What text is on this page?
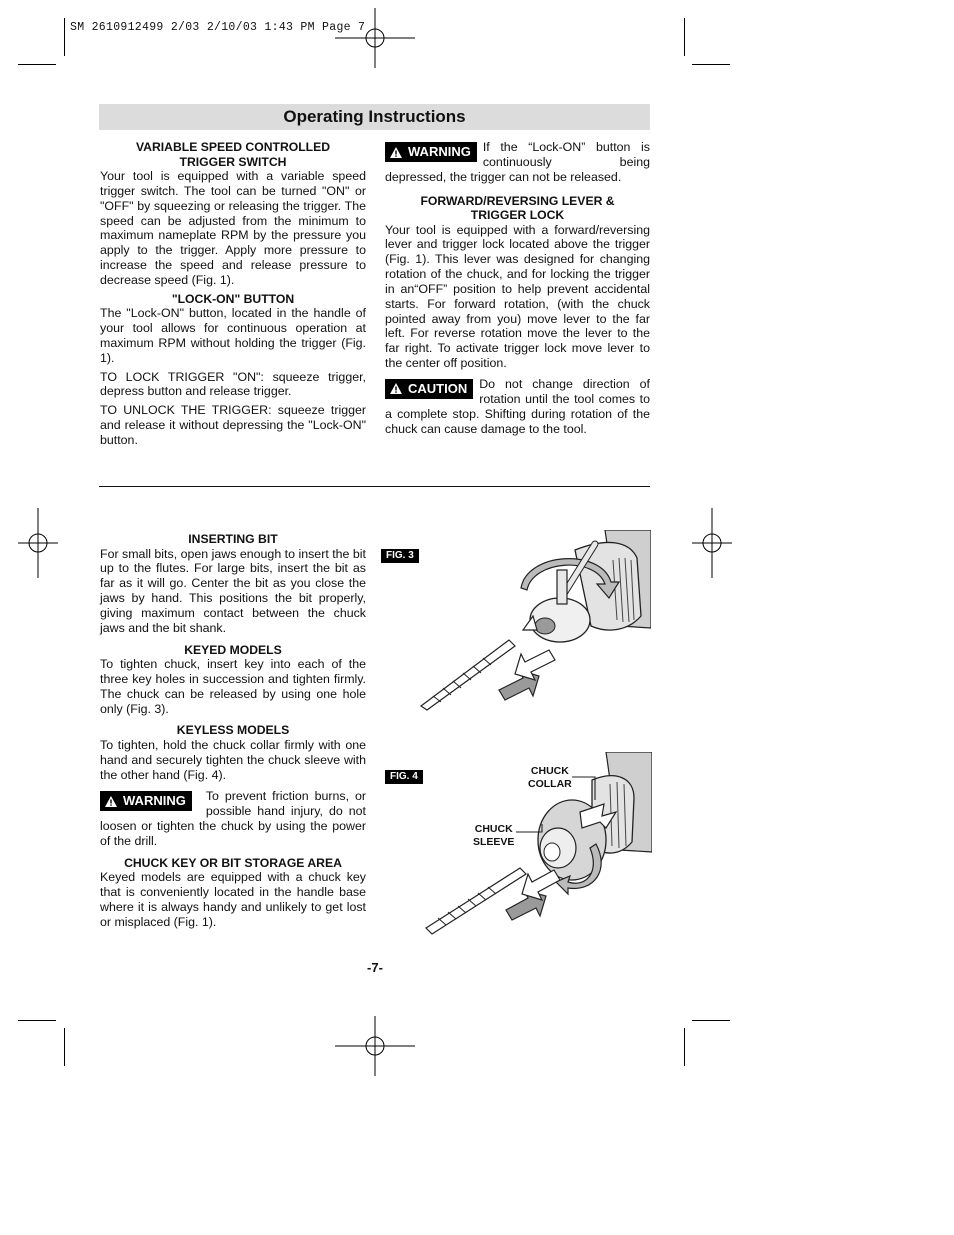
SM 2610912499 2/03 2/10/03 1:43 PM Page 7
Operating Instructions
VARIABLE SPEED CONTROLLED
TRIGGER SWITCH

Your tool is equipped with a variable speed trigger switch. The tool can be turned "ON" or "OFF" by squeezing or releasing the trigger. The speed can be adjusted from the minimum to maximum nameplate RPM by the pressure you apply to the trigger. Apply more pressure to increase the speed and release pressure to decrease speed (Fig. 1).

"LOCK-ON" BUTTON

The "Lock-ON" button, located in the handle of your tool allows for continuous operation at maximum RPM without holding the trigger (Fig. 1).

TO LOCK TRIGGER "ON": squeeze trigger, depress button and release trigger.

TO UNLOCK THE TRIGGER: squeeze trigger and release it without depressing the "Lock-ON" button.

WARNING If the “Lock-ON” button is continuously being depressed, the trigger can not be released.
FORWARD/REVERSING LEVER &
TRIGGER LOCK

Your tool is equipped with a forward/reversing lever and trigger lock located above the trigger (Fig. 1). This lever was designed for changing rotation of the chuck, and for locking the trigger in an“OFF” position to help prevent accidental starts. For forward rotation, (with the chuck pointed away from you) move lever to the far left. For reverse rotation move the lever to the far right. To activate trigger lock move lever to the center off position.

CAUTION Do not change direction of rotation until the tool comes to a complete stop. Shifting during rotation of the chuck can cause damage to the tool.
INSERTING BIT

For small bits, open jaws enough to insert the bit up to the flutes. For large bits, insert the bit as far as it will go. Center the bit as you close the jaws by hand. This positions the bit properly, giving maximum contact between the chuck jaws and the bit shank.

KEYED MODELS

To tighten chuck, insert key into each of the three key holes in succession and tighten firmly. The chuck can be released by using one hole only (Fig. 3).

KEYLESS MODELS

To tighten, hold the chuck collar firmly with one hand and securely tighten the chuck sleeve with the other hand (Fig. 4).

WARNING To prevent friction burns, or possible hand injury, do not loosen or tighten the chuck by using the power of the drill.
CHUCK KEY OR BIT STORAGE AREA

Keyed models are equipped with a chuck key that is conveniently located in the handle base where it is always handy and unlikely to get lost or misplaced (Fig. 1).

FIG. 3
FIG. 4	CHUCK
COLLAR
CHUCK
SLEEVE
-7-
